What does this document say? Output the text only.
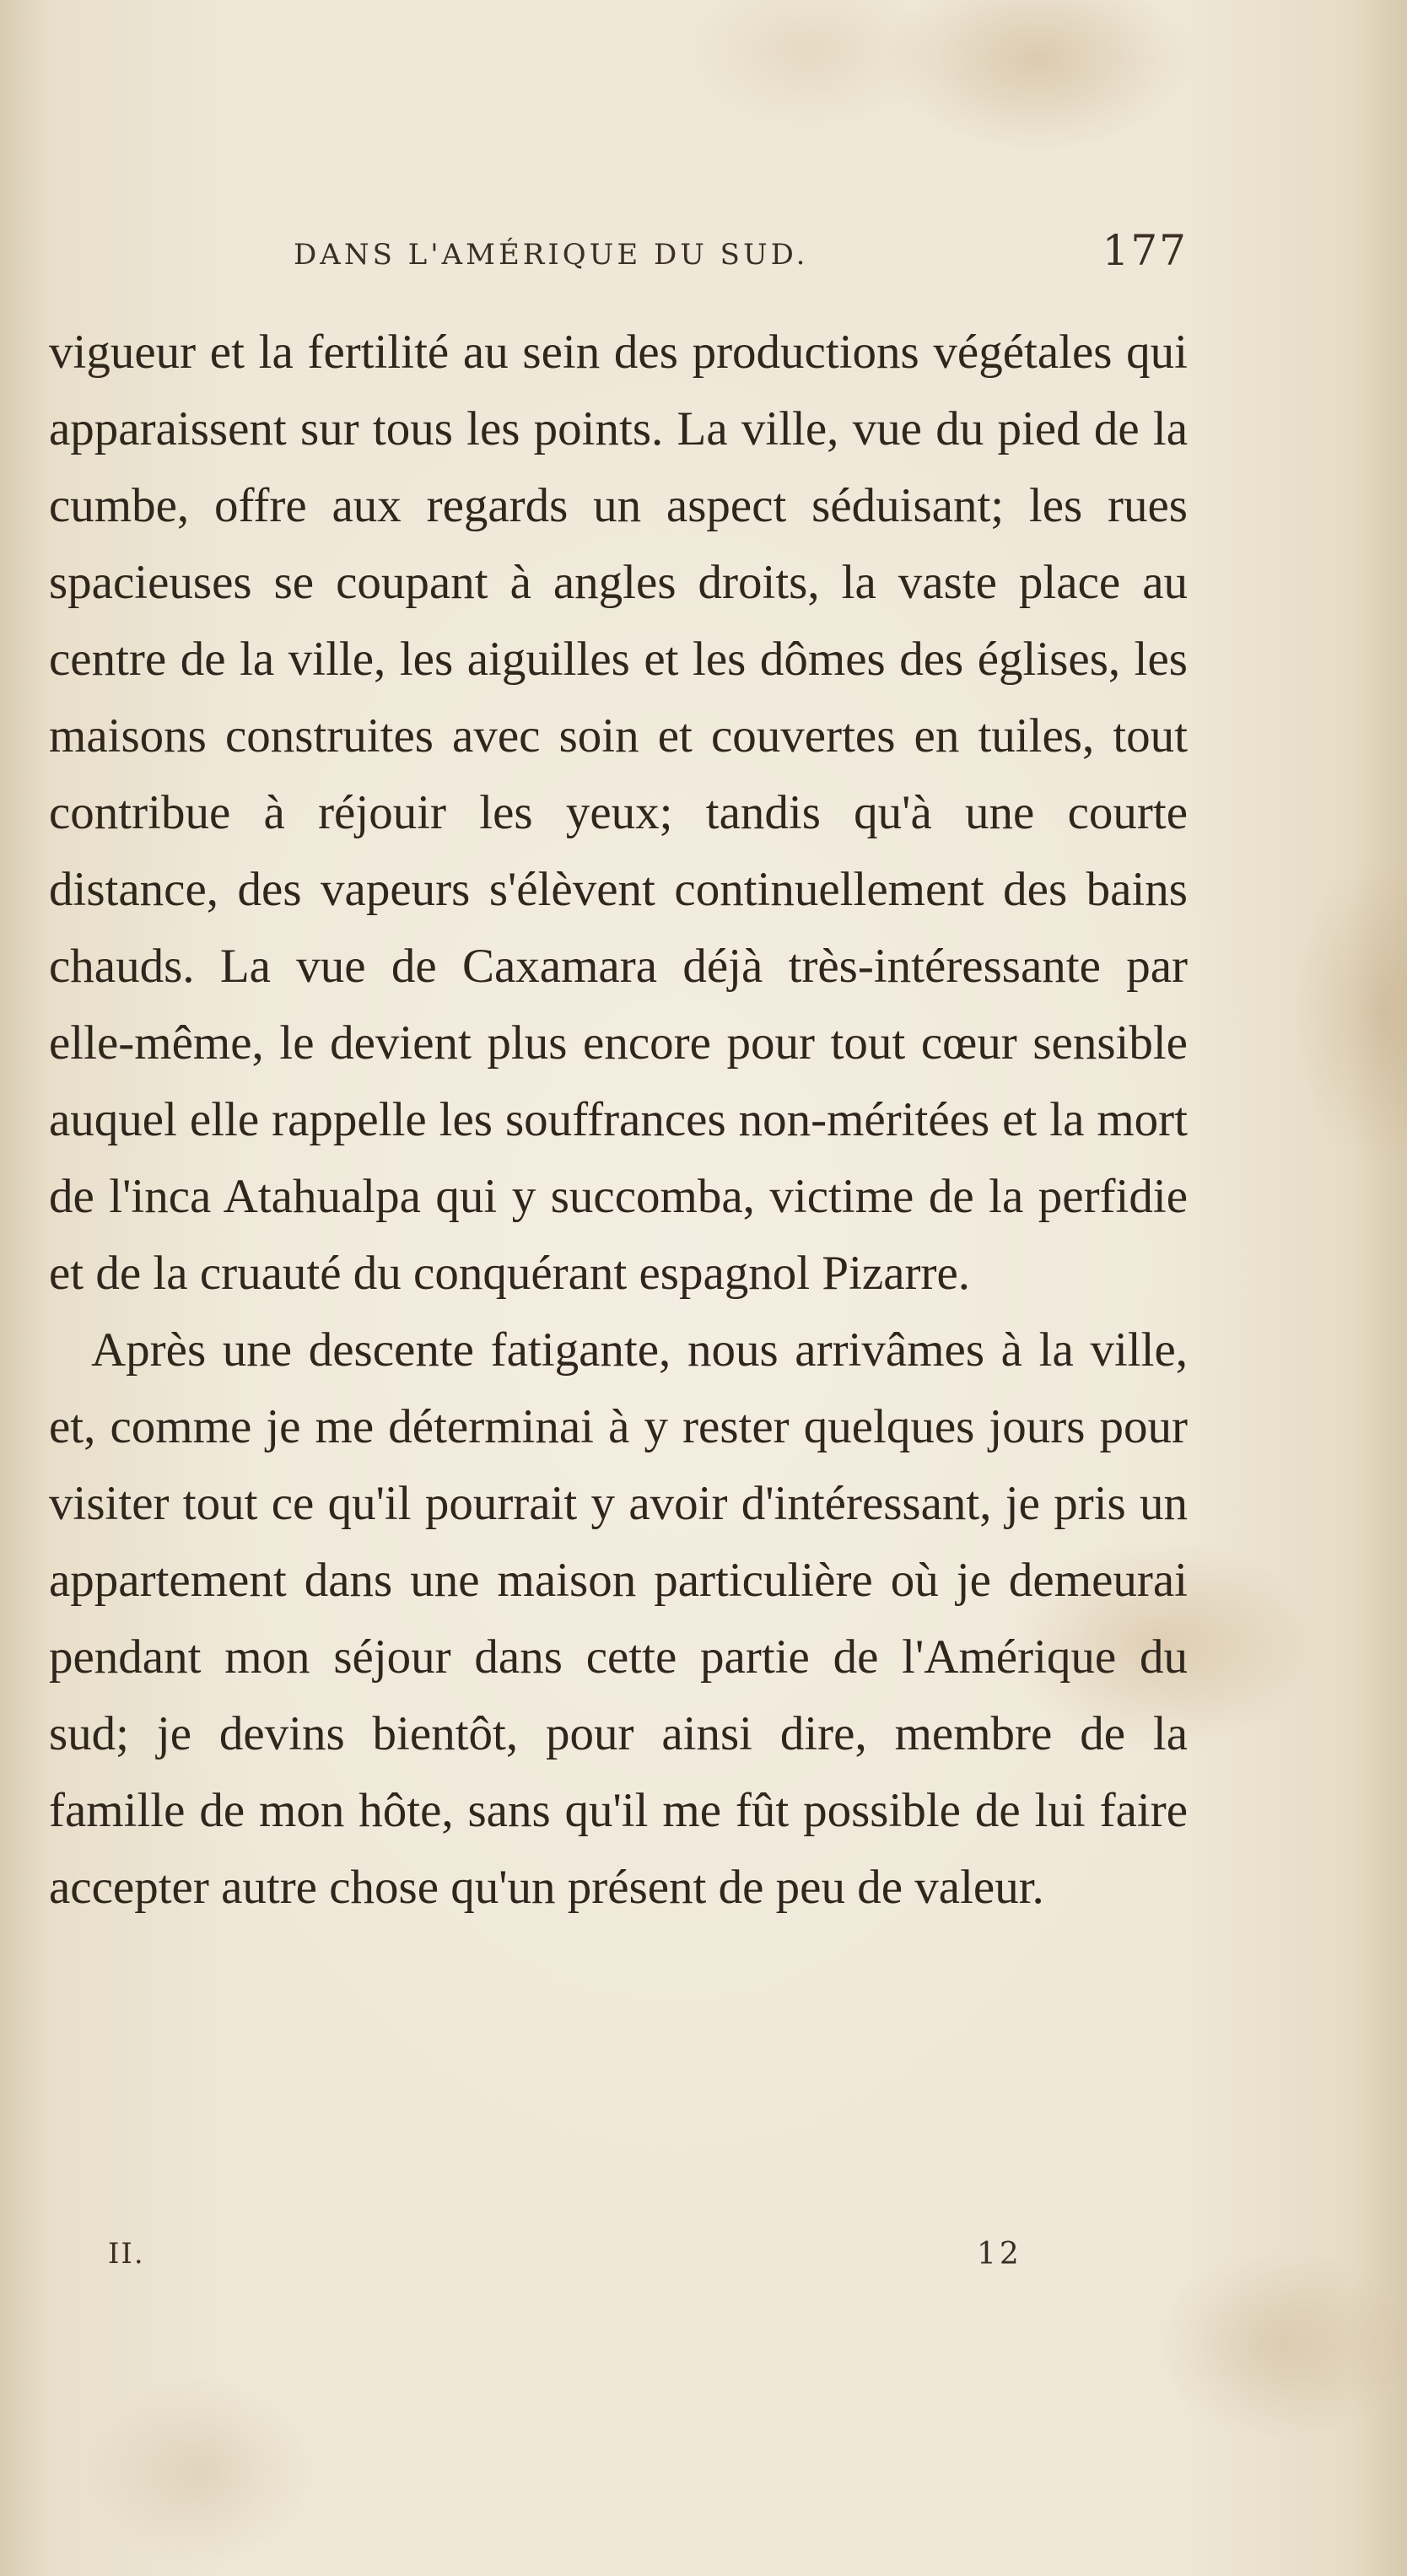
DANS L'AMÉRIQUE DU SUD.	177

vigueur et la fertilité au sein des productions végétales qui apparaissent sur tous les points. La ville, vue du pied de la cumbe, offre aux regards un aspect séduisant; les rues spacieuses se coupant à angles droits, la vaste place au centre de la ville, les aiguilles et les dômes des églises, les maisons construites avec soin et couvertes en tuiles, tout contribue à réjouir les yeux; tandis qu'à une courte distance, des vapeurs s'élèvent continuellement des bains chauds. La vue de Caxamara déjà très-intéressante par elle-même, le devient plus encore pour tout cœur sensible auquel elle rappelle les souffrances non-méritées et la mort de l'inca Atahualpa qui y succomba, victime de la perfidie et de la cruauté du conquérant espagnol Pizarre.

Après une descente fatigante, nous arrivâmes à la ville, et, comme je me déterminai à y rester quelques jours pour visiter tout ce qu'il pourrait y avoir d'intéressant, je pris un appartement dans une maison particulière où je demeurai pendant mon séjour dans cette partie de l'Amérique du sud; je devins bientôt, pour ainsi dire, membre de la famille de mon hôte, sans qu'il me fût possible de lui faire accepter autre chose qu'un présent de peu de valeur.

II.	12
